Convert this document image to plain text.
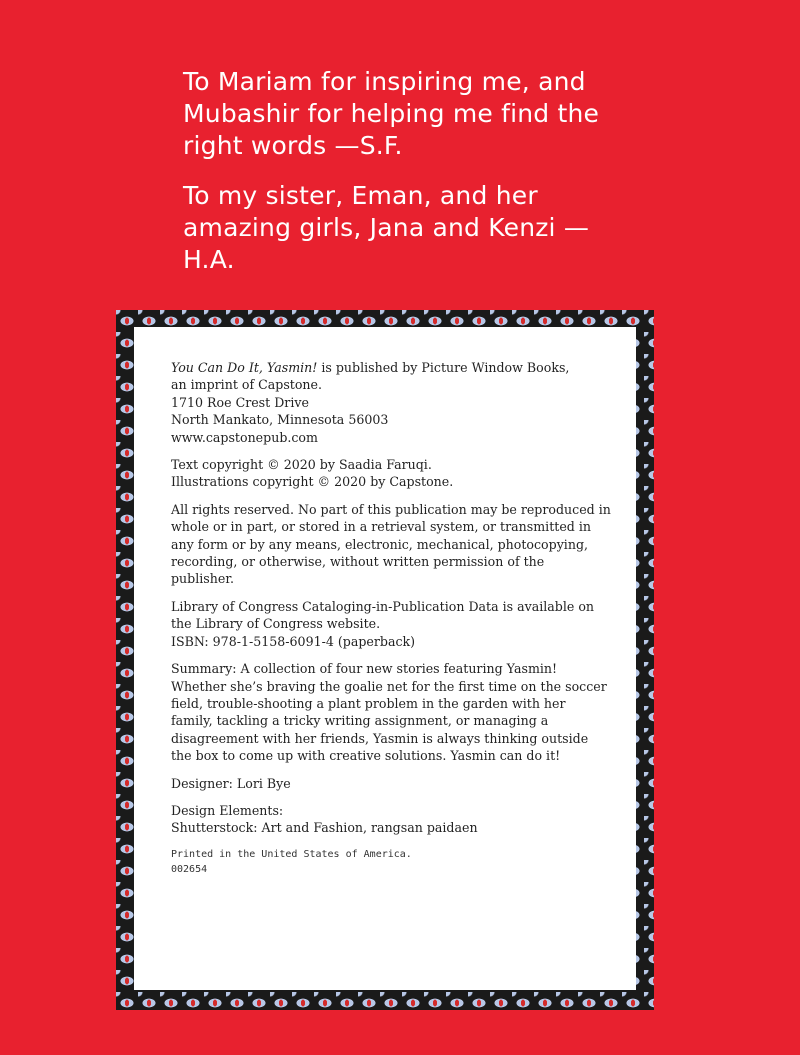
To Mariam for inspiring me, and Mubashir for helping me find the right words —S.F.

To my sister, Eman, and her amazing girls, Jana and Kenzi —H.A.

You Can Do It, Yasmin! is published by Picture Window Books,
an imprint of Capstone.
1710 Roe Crest Drive
North Mankato, Minnesota 56003
www.capstonepub.com

Text copyright © 2020 by Saadia Faruqi.
Illustrations copyright © 2020 by Capstone.

All rights reserved. No part of this publication may be reproduced in whole or in part, or stored in a retrieval system, or transmitted in any form or by any means, electronic, mechanical, photocopying, recording, or otherwise, without written permission of the publisher.

Library of Congress Cataloging-in-Publication Data is available on
the Library of Congress website.
ISBN: 978-1-5158-6091-4 (paperback)

Summary: A collection of four new stories featuring Yasmin! Whether she’s braving the goalie net for the first time on the soccer field, trouble-shooting a plant problem in the garden with her family, tackling a tricky writing assignment, or managing a disagreement with her friends, Yasmin is always thinking outside the box to come up with creative solutions. Yasmin can do it!

Designer: Lori Bye

Design Elements:
Shutterstock: Art and Fashion, rangsan paidaen

Printed in the United States of America.
002654
